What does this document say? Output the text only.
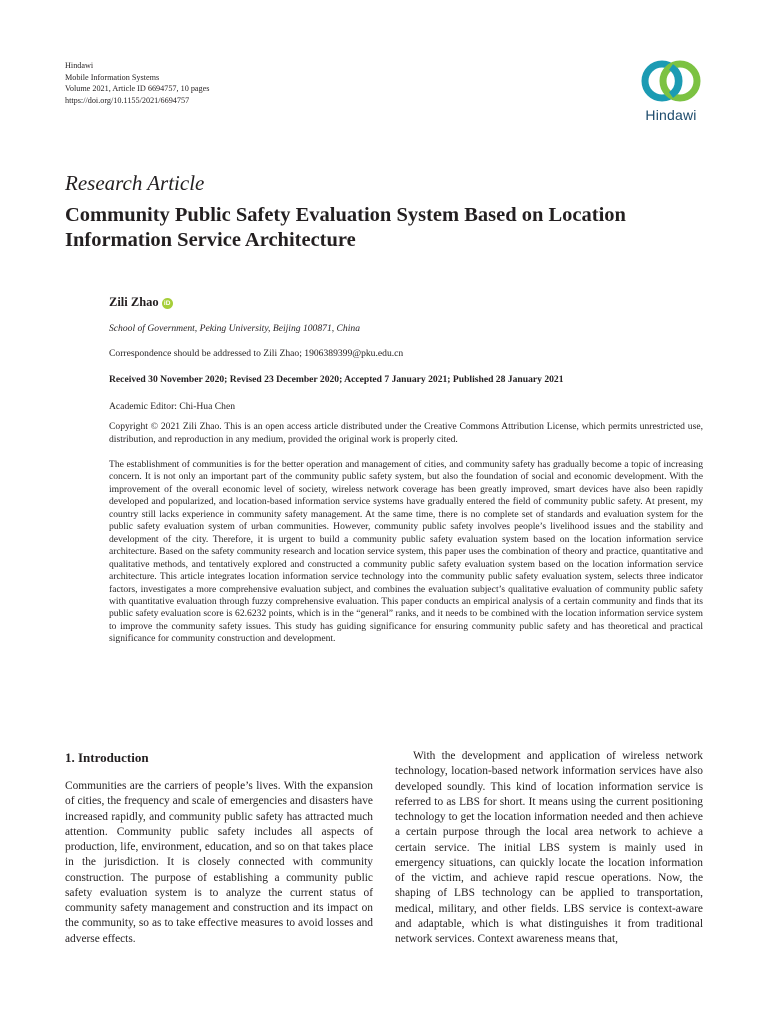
Hindawi
Mobile Information Systems
Volume 2021, Article ID 6694757, 10 pages
https://doi.org/10.1155/2021/6694757
Hindawi
Research Article
Community Public Safety Evaluation System Based on Location Information Service Architecture
Zili Zhao iD
School of Government, Peking University, Beijing 100871, China
Correspondence should be addressed to Zili Zhao; 1906389399@pku.edu.cn
Received 30 November 2020; Revised 23 December 2020; Accepted 7 January 2021; Published 28 January 2021
Academic Editor: Chi-Hua Chen
Copyright © 2021 Zili Zhao. This is an open access article distributed under the Creative Commons Attribution License, which permits unrestricted use, distribution, and reproduction in any medium, provided the original work is properly cited.
The establishment of communities is for the better operation and management of cities, and community safety has gradually become a topic of increasing concern. It is not only an important part of the community public safety system, but also the foundation of social and economic development. With the improvement of the overall economic level of society, wireless network coverage has been greatly improved, smart devices have also been rapidly developed and popularized, and location-based information service systems have gradually entered the field of community public safety. At present, my country still lacks experience in community safety management. At the same time, there is no complete set of standards and evaluation system for the public safety evaluation system of urban communities. However, community public safety involves people’s livelihood issues and the stability and development of the city. Therefore, it is urgent to build a community public safety evaluation system based on the location information service architecture. Based on the safety community research and location service system, this paper uses the combination of theory and practice, quantitative and qualitative methods, and tentatively explored and constructed a community public safety evaluation system based on the location information service architecture. This article integrates location information service technology into the community public safety evaluation system, selects three indicator factors, investigates a more comprehensive evaluation subject, and combines the evaluation subject’s qualitative evaluation of community public safety with quantitative evaluation through fuzzy comprehensive evaluation. This paper conducts an empirical analysis of a certain community and finds that its public safety evaluation score is 62.6232 points, which is in the “general” ranks, and it needs to be combined with the location information service system to improve the community safety issues. This study has guiding significance for ensuring community public safety and has theoretical and practical significance for community construction and development.
1. Introduction
Communities are the carriers of people’s lives. With the expansion of cities, the frequency and scale of emergencies and disasters have increased rapidly, and community public safety has attracted much attention. Community public safety includes all aspects of production, life, environment, education, and so on that takes place in the jurisdiction. It is closely connected with community construction. The purpose of establishing a community public safety evaluation system is to analyze the current status of community safety management and construction and its impact on the community, so as to take effective measures to avoid losses and adverse effects.
With the development and application of wireless network technology, location-based network information services have also developed soundly. This kind of location information service is referred to as LBS for short. It means using the current positioning technology to get the location information needed and then achieve a certain purpose through the local area network to achieve a certain service. The initial LBS system is mainly used in emergency situations, can quickly locate the location information of the victim, and achieve rapid rescue operations. Now, the shaping of LBS technology can be applied to transportation, medical, military, and other fields. LBS service is context-aware and adaptable, which is what distinguishes it from traditional network services. Context awareness means that,
